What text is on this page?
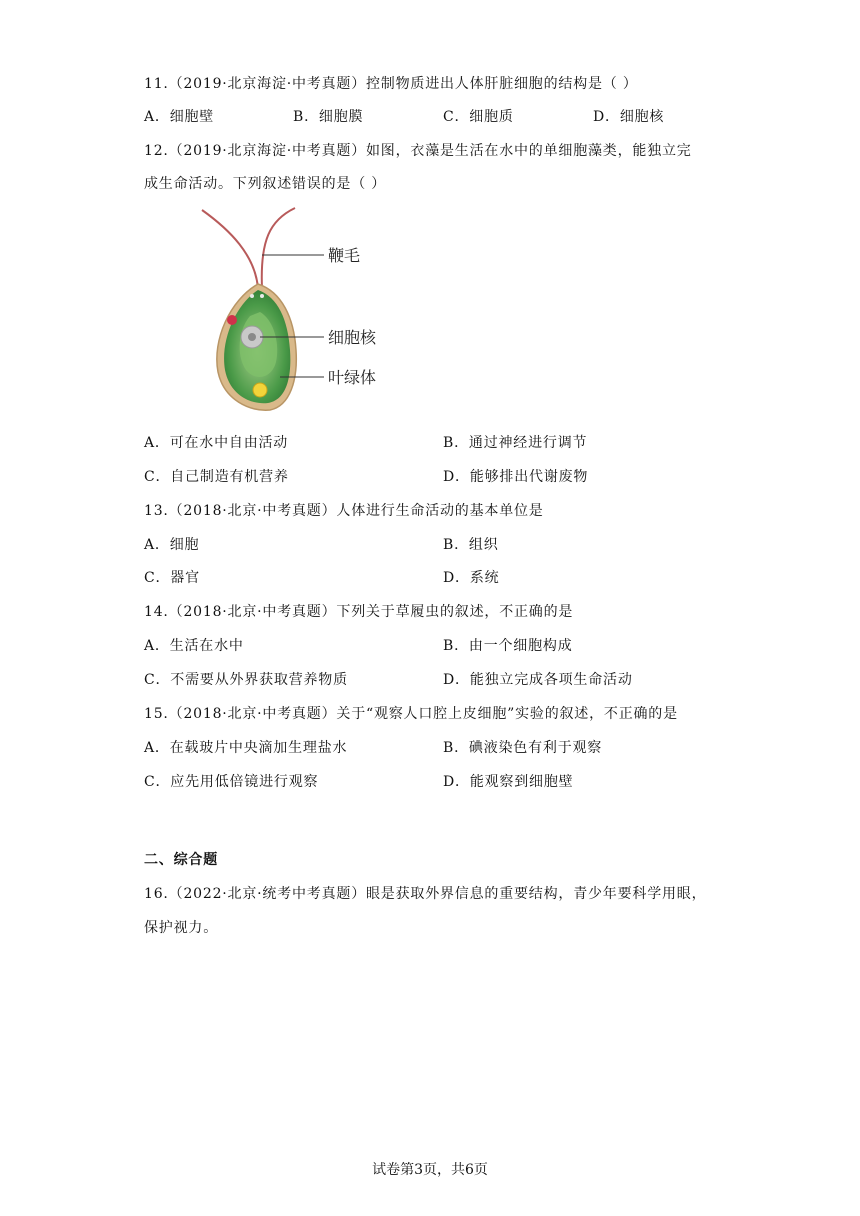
11.（2019·北京海淀·中考真题）控制物质进出人体肝脏细胞的结构是（ ）
A．细胞壁	B．细胞膜	C．细胞质	D．细胞核
12.（2019·北京海淀·中考真题）如图，衣藻是生活在水中的单细胞藻类，能独立完
成生命活动。下列叙述错误的是（ ）
鞭毛
细胞核
叶绿体
A．可在水中自由活动	B．通过神经进行调节
C．自己制造有机营养	D．能够排出代谢废物
13.（2018·北京·中考真题）人体进行生命活动的基本单位是
A．细胞	B．组织
C．器官	D．系统
14.（2018·北京·中考真题）下列关于草履虫的叙述，不正确的是
A．生活在水中	B．由一个细胞构成
C．不需要从外界获取营养物质	D．能独立完成各项生命活动
15.（2018·北京·中考真题）关于“观察人口腔上皮细胞”实验的叙述，不正确的是
A．在载玻片中央滴加生理盐水	B．碘液染色有利于观察
C．应先用低倍镜进行观察	D．能观察到细胞壁
二、综合题
16.（2022·北京·统考中考真题）眼是获取外界信息的重要结构，青少年要科学用眼，
保护视力。
试卷第3页，共6页
